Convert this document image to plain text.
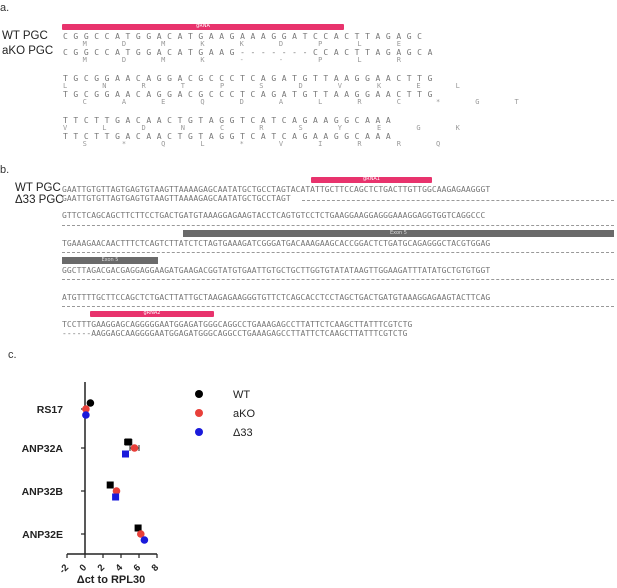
a.
gRNA
WT PGC
aKO PGC
CGGCCATGGACATGAAGAAAGGATCCACTTAGAGC
M   D   M   K   K   D   P   L   E
CGGCCATGGACATGAAG-------CCACTTAGAGCA
M   D   M   K   -   -   P   L   R
TGCGGAACAGGACGCCCTCAGATGTTAAGGAACTTG
L   N   R   T   P   S   D   V   K   E   L
TGCGGAACAGGACGCCCTCAGATGTTAAGGAACTTG
C   A   E   Q   D   A   L   R   C   *   G   T
TTCTTGACAACTGTAGGTCATCAGAAGGCAAA
V   L   D   N   C   R   S   Y   E   G   K
TTCTTGACAACTGTAGGTCATCAGAAGGCAAA
S   *   Q   L   *   V   I   R   R   Q
b.
gRNA1
WT PGC
Δ33 PGC
GAATTGTGTTAGTGAGTGTAAGTTAAAAGAGCAATATGCTGCCTAGTACATATTGCTTCCAGCTCTGACTTGTTGGCAAGAGAAGGGT
GAATTGTGTTAGTGAGTGTAAGTTAAAAGAGCAATATGCTGCCTAGT
GTTCTCAGCAGCTTCTTCCTGACTGATGTAAAGGAGAAGTACCTCAGTGTCCTCTGAAGGAAGGAGGGAAAGGAGGTGGTCAGGCCC
Exon 5
TGAAAGAACAACTTTCTCAGTCTTATCTCTAGTGAAAGATCGGGATGACAAAGAAGCACCGGACTCTGATGCAGAGGGCTACGTGGAG
Exon 5
GGCTTAGACGACGAGGAGGAAGATGAAGACGGTATGTGAATTGTGCTGCTTGGTGTATATAAGTTGGAAGATTTATATGCTGTGTGGT
ATGTTTTGCTTCCAGCTCTGACTTATTGCTAAGAGAAGGGTGTTCTCAGCACCTCCTAGCTGACTGATGTAAAGGAGAAGTACTTCAG
gRNA2
TCCTTTGAAGGAGCAGGGGGAATGGAGATGGGCAGGCCTGAAAGAGCCTTATTCTCAAGCTTATTTCGTCTG
------AAGGAGCAAGGGGAATGGAGATGGGCAGGCCTGAAAGAGCCTTATTCTCAAGCTTATTTCGTCTG
c.
RS17
ANP32A
ANP32B
ANP32E
-2 0 2 4 6 8
WT
aKO
Δ33
Δct to RPL30
